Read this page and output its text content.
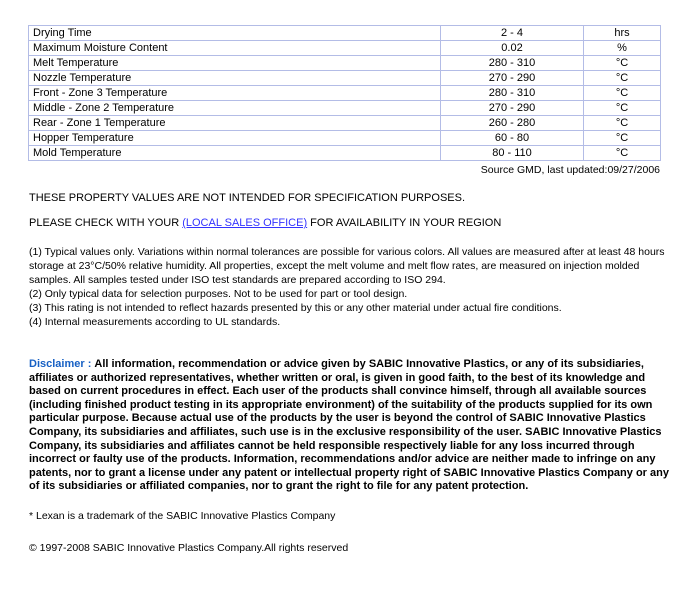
Drying Time	2 - 4	hrs
Maximum Moisture Content	0.02	%
Melt Temperature	280 - 310	°C
Nozzle Temperature	270 - 290	°C
Front - Zone 3 Temperature	280 - 310	°C
Middle - Zone 2 Temperature	270 - 290	°C
Rear - Zone 1 Temperature	260 - 280	°C
Hopper Temperature	60 - 80	°C
Mold Temperature	80 - 110	°C
Source GMD, last updated:09/27/2006
THESE PROPERTY VALUES ARE NOT INTENDED FOR SPECIFICATION PURPOSES.
PLEASE CHECK WITH YOUR (LOCAL SALES OFFICE) FOR AVAILABILITY IN YOUR REGION

(1) Typical values only. Variations within normal tolerances are possible for various colors. All values are measured after at least 48 hours storage at 23°C/50% relative humidity. All properties, except the melt volume and melt flow rates, are measured on injection molded samples. All samples tested under ISO test standards are prepared according to ISO 294.

(2) Only typical data for selection purposes. Not to be used for part or tool design.

(3) This rating is not intended to reflect hazards presented by this or any other material under actual fire conditions.

(4) Internal measurements according to UL standards.

Disclaimer : All information, recommendation or advice given by SABIC Innovative Plastics, or any of its subsidiaries, affiliates or authorized representatives, whether written or oral, is given in good faith, to the best of its knowledge and based on current procedures in effect. Each user of the products shall convince himself, through all available sources (including finished product testing in its appropriate environment) of the suitability of the products supplied for its own particular purpose. Because actual use of the products by the user is beyond the control of SABIC Innovative Plastics Company, its subsidiaries and affiliates, such use is in the exclusive responsibility of the user. SABIC Innovative Plastics Company, its subsidiaries and affiliates cannot be held responsible respectively liable for any loss incurred through incorrect or faulty use of the products. Information, recommendations and/or advice are neither made to infringe on any patents, nor to grant a license under any patent or intellectual property right of SABIC Innovative Plastics Company or any of its subsidiaries or affiliated companies, nor to grant the right to file for any patent protection.
* Lexan is a trademark of the SABIC Innovative Plastics Company
© 1997-2008 SABIC Innovative Plastics Company.All rights reserved
